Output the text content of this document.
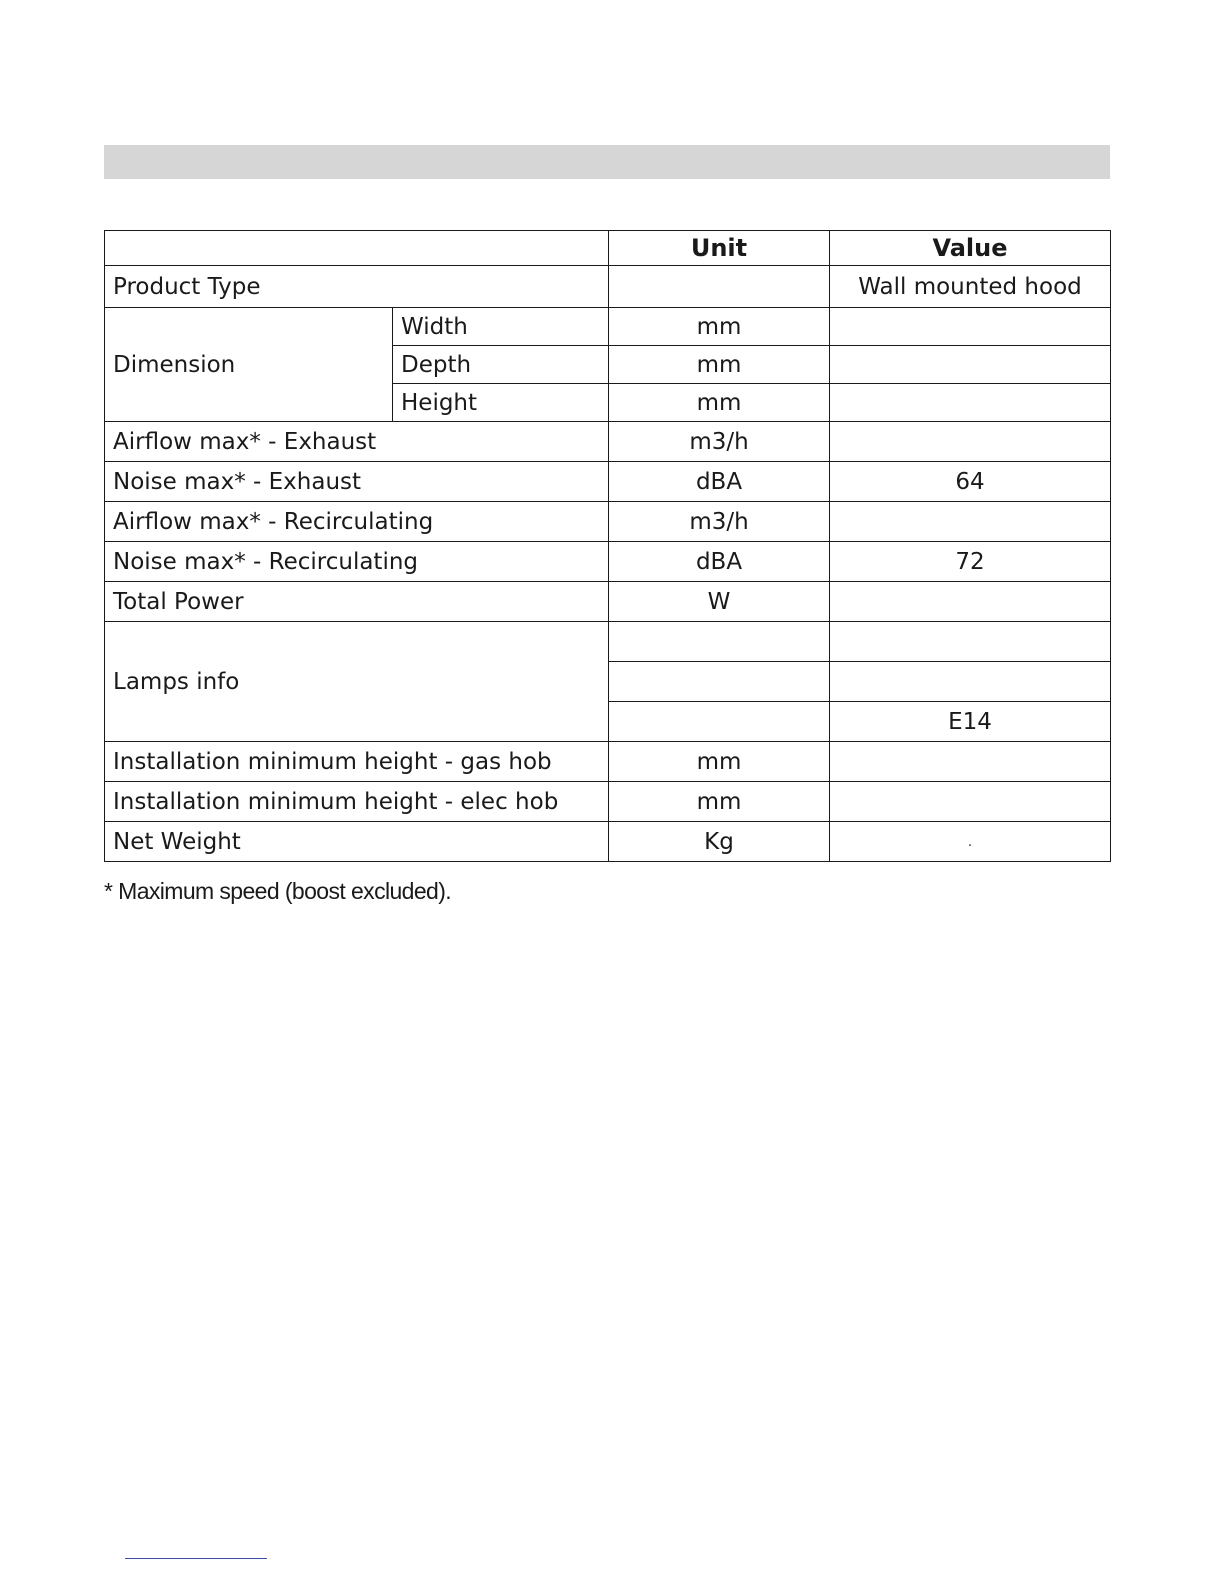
		Unit	Value
Product Type			Wall mounted hood
Dimension	Width	mm	
	Depth	mm	
	Height	mm	
Airflow max* - Exhaust		m3/h	
Noise max* - Exhaust		dBA	64
Airflow max* - Recirculating		m3/h	
Noise max* - Recirculating		dBA	72
Total Power		W	
Lamps info			

			E14
Installation minimum height - gas hob		mm	
Installation minimum height - elec hob		mm	
Net Weight		Kg	.
* Maximum speed (boost excluded).
